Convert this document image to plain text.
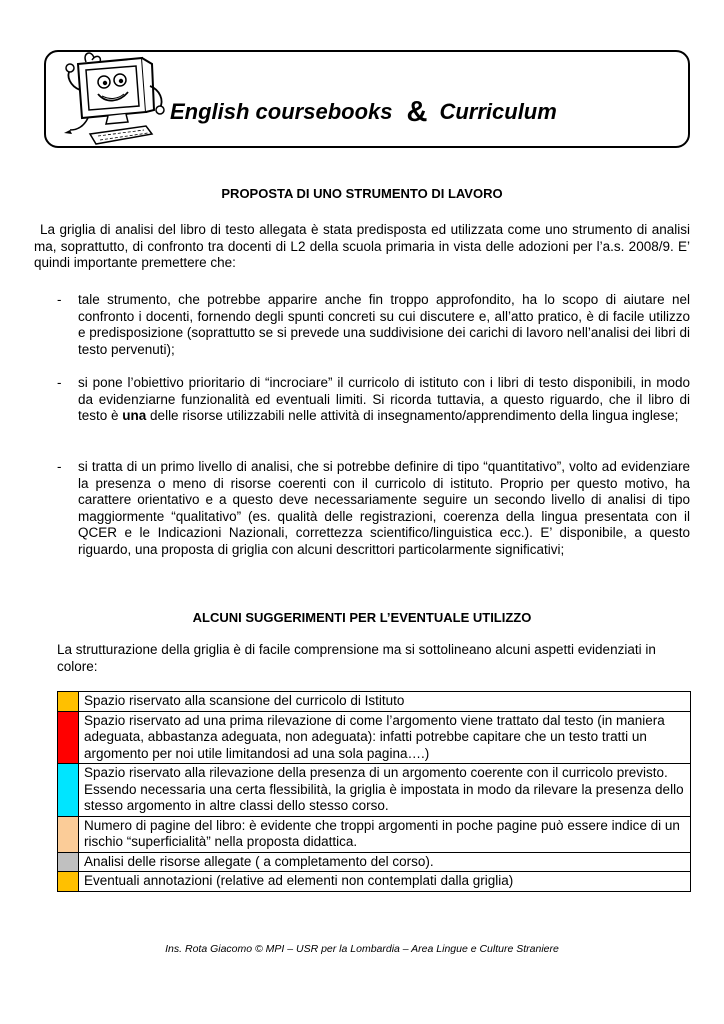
English coursebooks & Curriculum
PROPOSTA DI UNO STRUMENTO DI LAVORO
La griglia di analisi del libro di testo allegata è stata predisposta ed utilizzata come uno strumento di analisi ma, soprattutto, di confronto tra docenti di L2 della scuola primaria in vista delle adozioni per l’a.s. 2008/9. E’ quindi importante premettere che:
- tale strumento, che potrebbe apparire anche fin troppo approfondito, ha lo scopo di aiutare nel confronto i docenti, fornendo degli spunti concreti su cui discutere e, all’atto pratico, è di facile utilizzo e predisposizione (soprattutto se si prevede una suddivisione dei carichi di lavoro nell’analisi dei libri di testo pervenuti);
- si pone l’obiettivo prioritario di “incrociare” il curricolo di istituto con i libri di testo disponibili, in modo da evidenziarne funzionalità ed eventuali limiti. Si ricorda tuttavia, a questo riguardo, che il libro di testo è una delle risorse utilizzabili nelle attività di insegnamento/apprendimento della lingua inglese;
- si tratta di un primo livello di analisi, che si potrebbe definire di tipo “quantitativo”, volto ad evidenziare la presenza o meno di risorse coerenti con il curricolo di istituto. Proprio per questo motivo, ha carattere orientativo e a questo deve necessariamente seguire un secondo livello di analisi di tipo maggiormente “qualitativo” (es. qualità delle registrazioni, coerenza della lingua presentata con il QCER e le Indicazioni Nazionali, correttezza scientifico/linguistica ecc.). E’ disponibile, a questo riguardo, una proposta di griglia con alcuni descrittori particolarmente significativi;
ALCUNI SUGGERIMENTI PER L’EVENTUALE UTILIZZO
La strutturazione della griglia è di facile comprensione ma si sottolineano alcuni aspetti evidenziati in colore:
	Spazio riservato alla scansione del curricolo di Istituto
	Spazio riservato ad una prima rilevazione di come l’argomento viene trattato dal testo (in maniera adeguata, abbastanza adeguata, non adeguata): infatti potrebbe capitare che un testo tratti un argomento per noi utile limitandosi ad una sola pagina….)
	Spazio riservato alla rilevazione della presenza di un argomento coerente con il curricolo previsto. Essendo necessaria una certa flessibilità, la griglia è impostata in modo da rilevare la presenza dello stesso argomento in altre classi dello stesso corso.
	Numero di pagine del libro: è evidente che troppi argomenti in poche pagine può essere indice di un rischio “superficialità” nella proposta didattica.
	Analisi delle risorse allegate ( a completamento del corso).
	Eventuali annotazioni (relative ad elementi non contemplati dalla griglia)
Ins. Rota Giacomo © MPI – USR per la Lombardia – Area Lingue e Culture Straniere
